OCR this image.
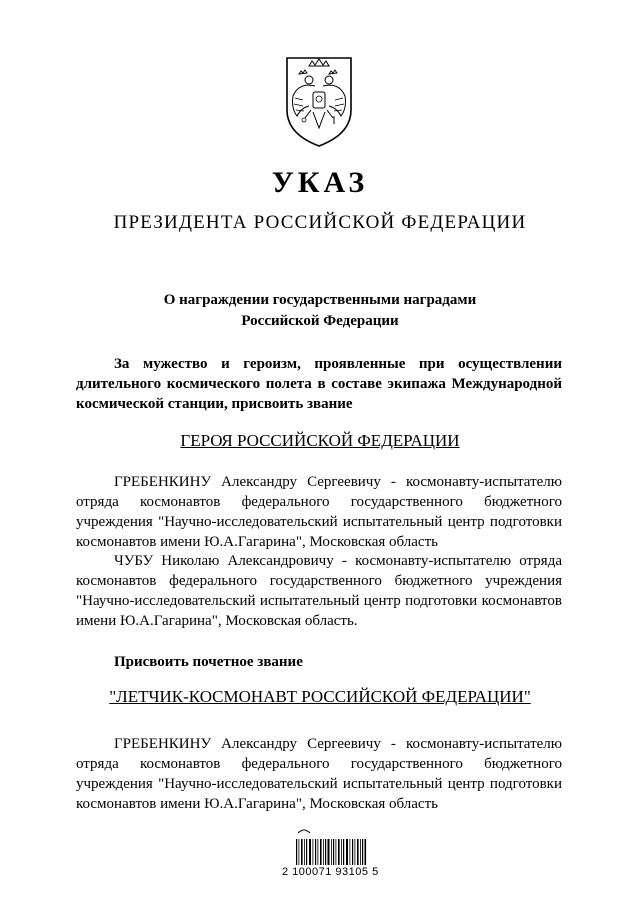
УКАЗ
ПРЕЗИДЕНТА РОССИЙСКОЙ ФЕДЕРАЦИИ
О награждении государственными наградами
Российской Федерации
За мужество и героизм, проявленные при осуществлении длительного космического полета в составе экипажа Международной космической станции, присвоить звание
ГЕРОЯ РОССИЙСКОЙ ФЕДЕРАЦИИ
ГРЕБЕНКИНУ Александру Сергеевичу - космонавту-испытателю отряда космонавтов федерального государственного бюджетного учреждения "Научно-исследовательский испытательный центр подготовки космонавтов имени Ю.А.Гагарина", Московская область
ЧУБУ Николаю Александровичу - космонавту-испытателю отряда космонавтов федерального государственного бюджетного учреждения "Научно-исследовательский испытательный центр подготовки космонавтов имени Ю.А.Гагарина", Московская область.
Присвоить почетное звание
"ЛЕТЧИК-КОСМОНАВТ РОССИЙСКОЙ ФЕДЕРАЦИИ"
ГРЕБЕНКИНУ Александру Сергеевичу - космонавту-испытателю отряда космонавтов федерального государственного бюджетного учреждения "Научно-исследовательский испытательный центр подготовки космонавтов имени Ю.А.Гагарина", Московская область
2 100071 93105 5
